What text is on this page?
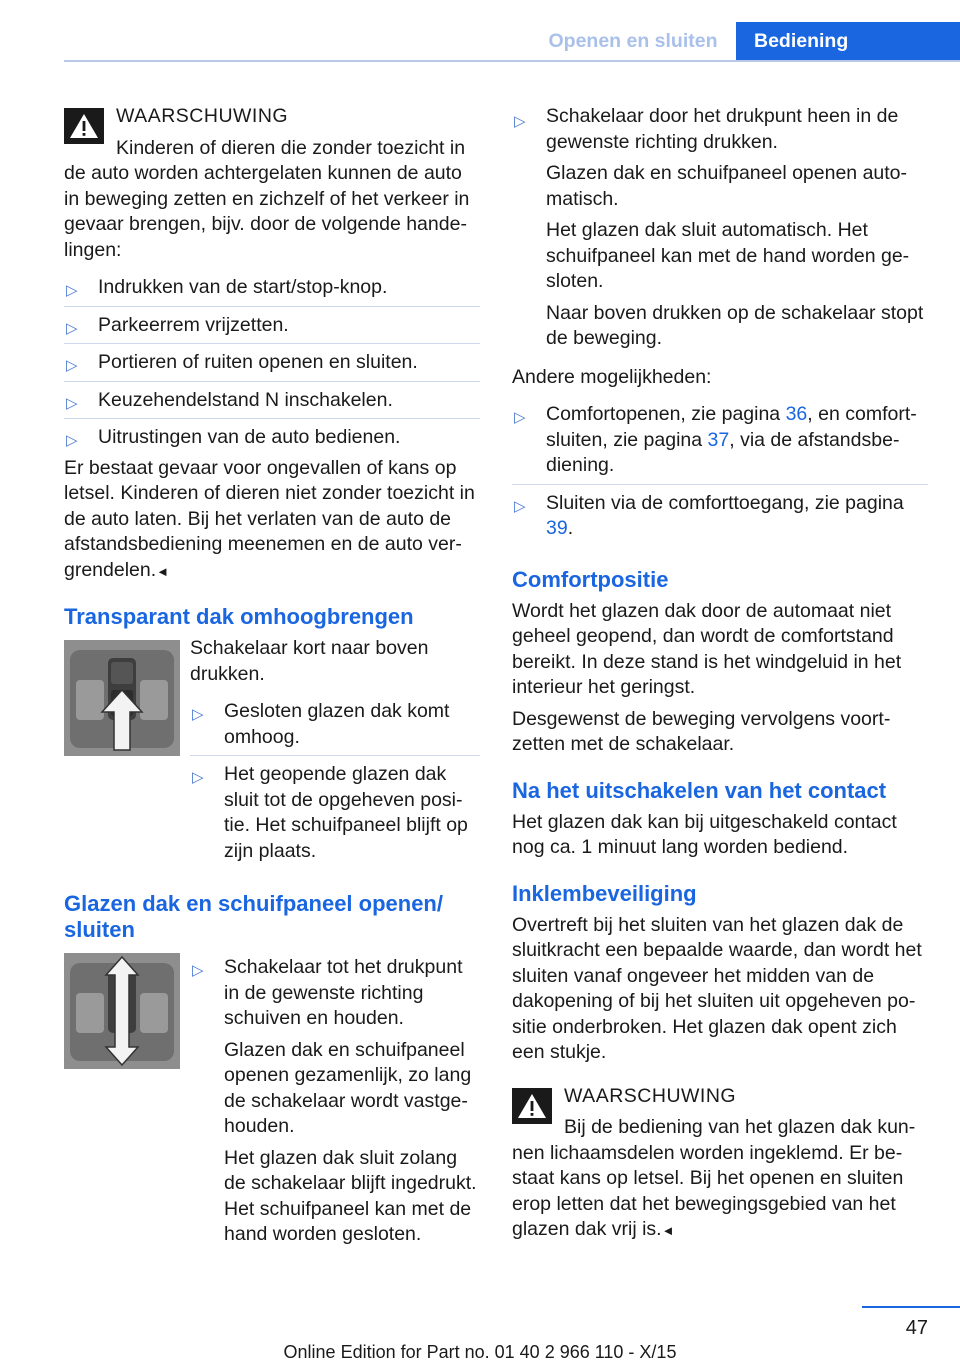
Openen en sluiten	Bediening
WAARSCHUWING

Kinderen of dieren die zonder toezicht in de auto worden achtergelaten kunnen de auto in beweging zetten en zichzelf of het verkeer in gevaar brengen, bijv. door de volgende handelingen:

▷ Indrukken van de start/stop-knop.
▷ Parkeerrem vrijzetten.
▷ Portieren of ruiten openen en sluiten.
▷ Keuzehendelstand N inschakelen.
▷ Uitrustingen van de auto bedienen.

Er bestaat gevaar voor ongevallen of kans op letsel. Kinderen of dieren niet zonder toezicht in de auto laten. Bij het verlaten van de auto de afstandsbediening meenemen en de auto vergrendelen.◄

Transparant dak omhoogbrengen

Schakelaar kort naar boven drukken.

▷ Gesloten glazen dak komt omhoog.
▷ Het geopende glazen dak sluit tot de opgeheven positie. Het schuifpaneel blijft op zijn plaats.
Glazen dak en schuifpaneel openen/ sluiten
▷ Schakelaar tot het drukpunt in de gewenste richting schuiven en houden.

Glazen dak en schuifpaneel openen gezamenlijk, zo lang de schakelaar wordt vastgehouden.

Het glazen dak sluit zolang de schakelaar blijft ingedrukt. Het schuifpaneel kan met de hand worden gesloten.

▷ Schakelaar door het drukpunt heen in de gewenste richting drukken.

Glazen dak en schuifpaneel openen automatisch.

Het glazen dak sluit automatisch. Het schuifpaneel kan met de hand worden gesloten.

Naar boven drukken op de schakelaar stopt de beweging.

Andere mogelijkheden:

▷ Comfortopenen, zie pagina 36, en comfortsluiten, zie pagina 37, via de afstandsbediening.
▷ Sluiten via de comforttoegang, zie pagina 39.
Comfortpositie

Wordt het glazen dak door de automaat niet geheel geopend, dan wordt de comfortstand bereikt. In deze stand is het windgeluid in het interieur het geringst.

Desgewenst de beweging vervolgens voortzetten met de schakelaar.

Na het uitschakelen van het contact

Het glazen dak kan bij uitgeschakeld contact nog ca. 1 minuut lang worden bediend.

Inklembeveiliging

Overtreft bij het sluiten van het glazen dak de sluitkracht een bepaalde waarde, dan wordt het sluiten vanaf ongeveer het midden van de dakopening of bij het sluiten uit opgeheven positie onderbroken. Het glazen dak opent zich een stukje.

WAARSCHUWING

Bij de bediening van het glazen dak kunnen lichaamsdelen worden ingeklemd. Er bestaat kans op letsel. Bij het openen en sluiten erop letten dat het bewegingsgebied van het glazen dak vrij is.◄

47
Online Edition for Part no. 01 40 2 966 110 - X/15
